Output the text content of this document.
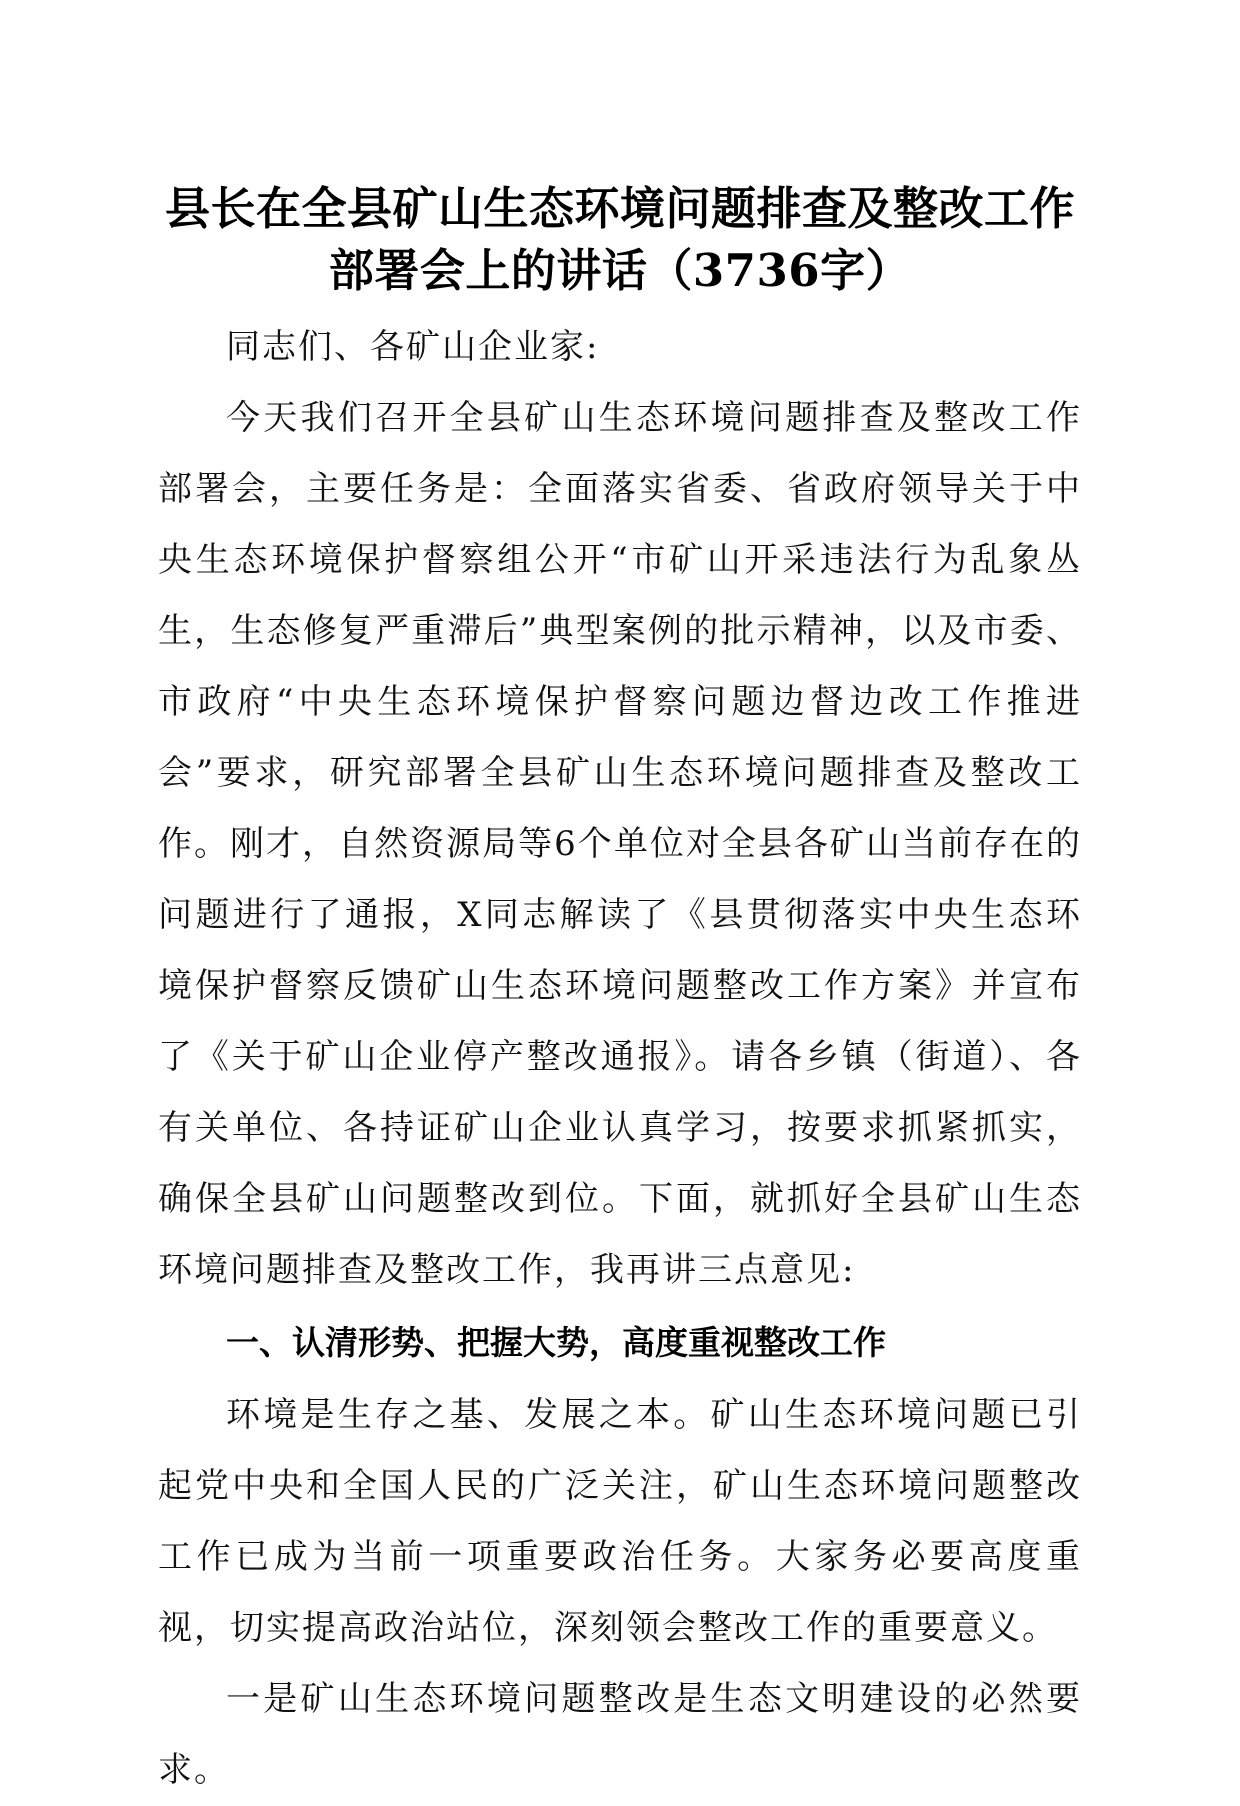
县长在全县矿山生态环境问题排查及整改工作
部署会上的讲话（3736字）

同志们、各矿山企业家:

今天我们召开全县矿山生态环境问题排查及整改工作部署会，主要任务是：全面落实省委、省政府领导关于中央生态环境保护督察组公开“市矿山开采违法行为乱象丛生，生态修复严重滞后”典型案例的批示精神，以及市委、市政府“中央生态环境保护督察问题边督边改工作推进会”要求，研究部署全县矿山生态环境问题排查及整改工作。刚才，自然资源局等6个单位对全县各矿山当前存在的问题进行了通报，X同志解读了《县贯彻落实中央生态环境保护督察反馈矿山生态环境问题整改工作方案》并宣布了《关于矿山企业停产整改通报》。请各乡镇（街道）、各有关单位、各持证矿山企业认真学习，按要求抓紧抓实，确保全县矿山问题整改到位。下面，就抓好全县矿山生态环境问题排查及整改工作，我再讲三点意见:

一、认清形势、把握大势，高度重视整改工作

环境是生存之基、发展之本。矿山生态环境问题已引起党中央和全国人民的广泛关注，矿山生态环境问题整改工作已成为当前一项重要政治任务。大家务必要高度重视，切实提高政治站位，深刻领会整改工作的重要意义。

一是矿山生态环境问题整改是生态文明建设的必然要求。
